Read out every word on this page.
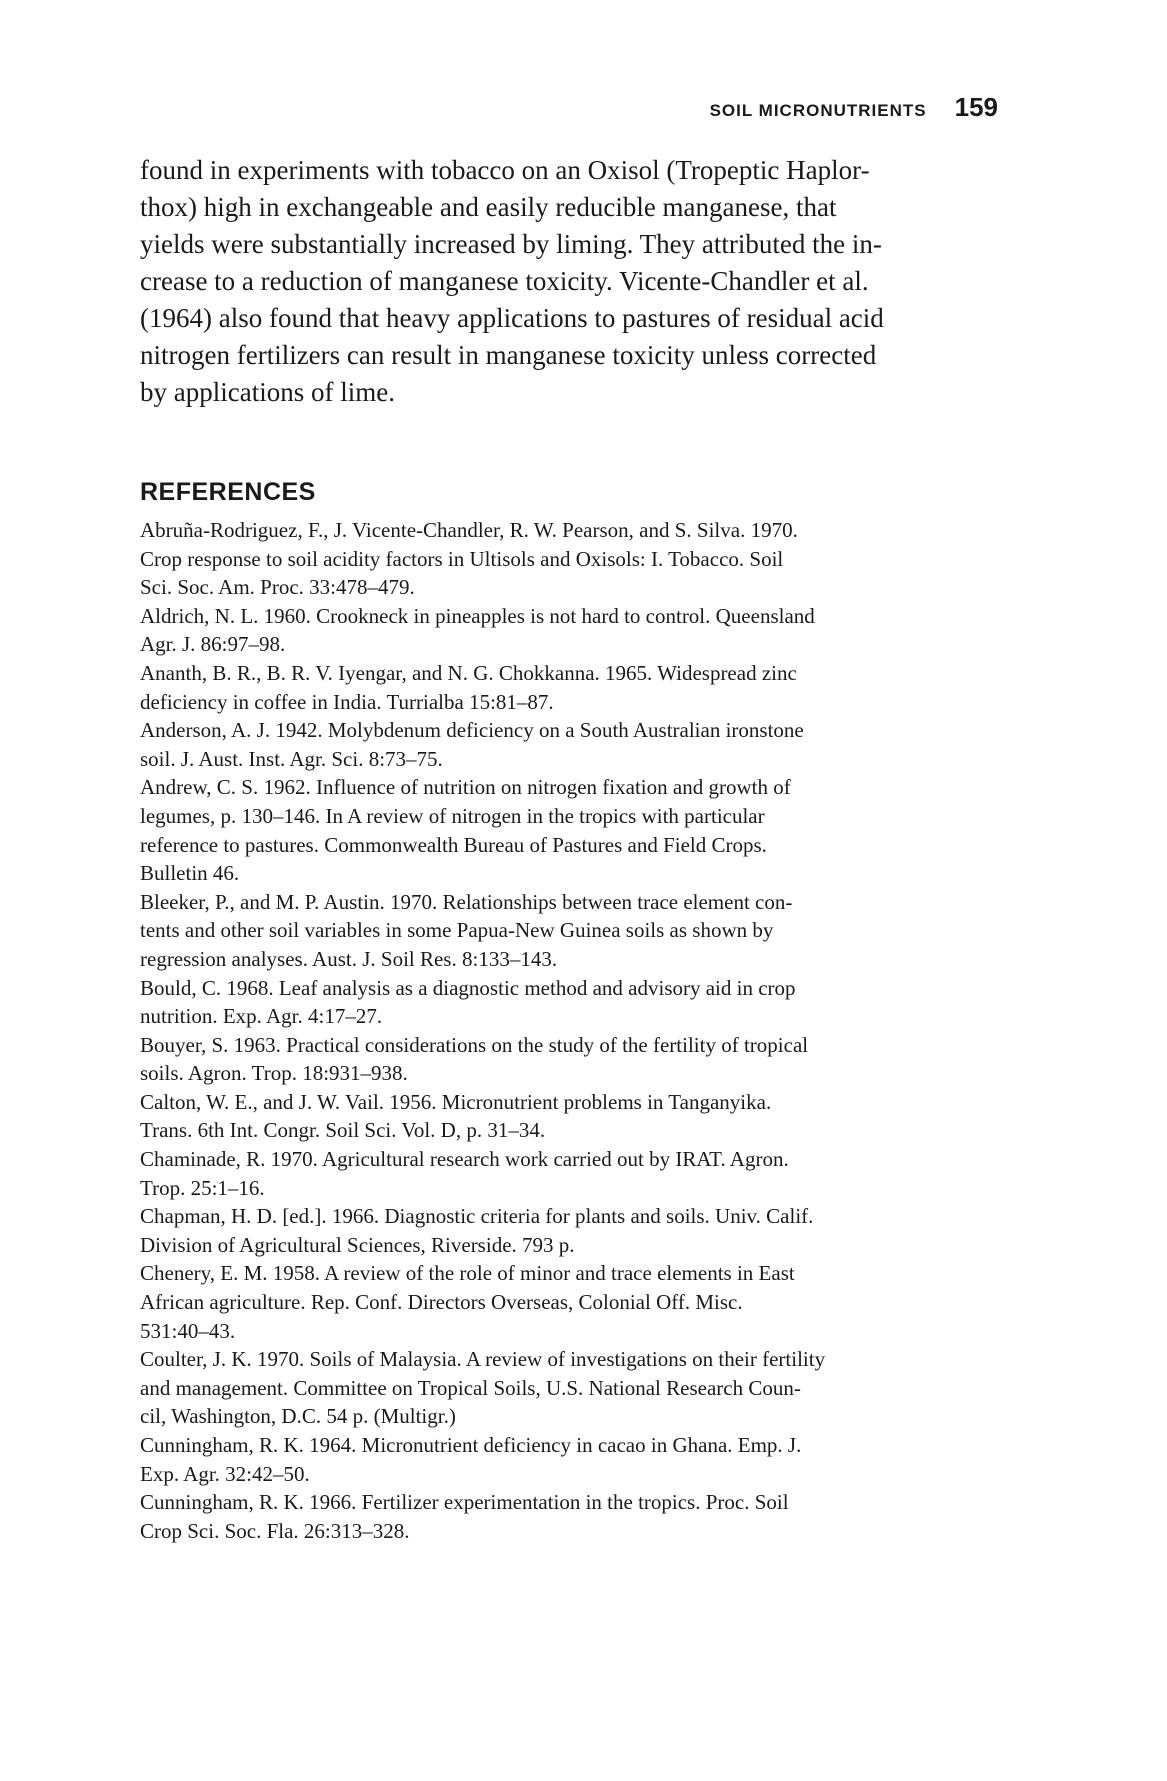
SOIL MICRONUTRIENTS 159

found in experiments with tobacco on an Oxisol (Tropeptic Haplor-
thox) high in exchangeable and easily reducible manganese, that
yields were substantially increased by liming. They attributed the in-
crease to a reduction of manganese toxicity. Vicente-Chandler et al.
(1964) also found that heavy applications to pastures of residual acid
nitrogen fertilizers can result in manganese toxicity unless corrected
by applications of lime.

REFERENCES

Abruña-Rodriguez, F., J. Vicente-Chandler, R. W. Pearson, and S. Silva. 1970.
Crop response to soil acidity factors in Ultisols and Oxisols: I. Tobacco. Soil
Sci. Soc. Am. Proc. 33:478–479.

Aldrich, N. L. 1960. Crookneck in pineapples is not hard to control. Queensland
Agr. J. 86:97–98.

Ananth, B. R., B. R. V. Iyengar, and N. G. Chokkanna. 1965. Widespread zinc
deficiency in coffee in India. Turrialba 15:81–87.

Anderson, A. J. 1942. Molybdenum deficiency on a South Australian ironstone
soil. J. Aust. Inst. Agr. Sci. 8:73–75.

Andrew, C. S. 1962. Influence of nutrition on nitrogen fixation and growth of
legumes, p. 130–146. In A review of nitrogen in the tropics with particular
reference to pastures. Commonwealth Bureau of Pastures and Field Crops.
Bulletin 46.

Bleeker, P., and M. P. Austin. 1970. Relationships between trace element con-
tents and other soil variables in some Papua-New Guinea soils as shown by
regression analyses. Aust. J. Soil Res. 8:133–143.

Bould, C. 1968. Leaf analysis as a diagnostic method and advisory aid in crop
nutrition. Exp. Agr. 4:17–27.

Bouyer, S. 1963. Practical considerations on the study of the fertility of tropical
soils. Agron. Trop. 18:931–938.

Calton, W. E., and J. W. Vail. 1956. Micronutrient problems in Tanganyika.
Trans. 6th Int. Congr. Soil Sci. Vol. D, p. 31–34.

Chaminade, R. 1970. Agricultural research work carried out by IRAT. Agron.
Trop. 25:1–16.

Chapman, H. D. [ed.]. 1966. Diagnostic criteria for plants and soils. Univ. Calif.
Division of Agricultural Sciences, Riverside. 793 p.

Chenery, E. M. 1958. A review of the role of minor and trace elements in East
African agriculture. Rep. Conf. Directors Overseas, Colonial Off. Misc.
531:40–43.

Coulter, J. K. 1970. Soils of Malaysia. A review of investigations on their fertility
and management. Committee on Tropical Soils, U.S. National Research Coun-
cil, Washington, D.C. 54 p. (Multigr.)

Cunningham, R. K. 1964. Micronutrient deficiency in cacao in Ghana. Emp. J.
Exp. Agr. 32:42–50.

Cunningham, R. K. 1966. Fertilizer experimentation in the tropics. Proc. Soil
Crop Sci. Soc. Fla. 26:313–328.
